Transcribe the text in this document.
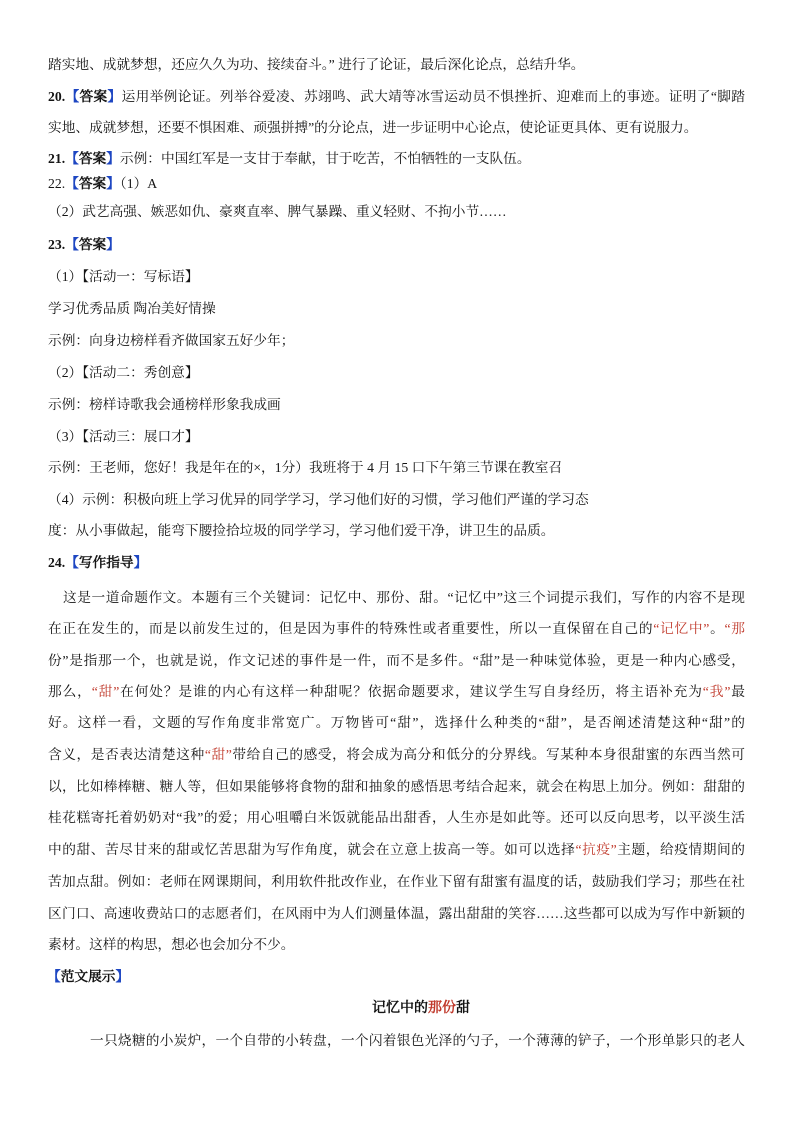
踏实地、成就梦想，还应久久为功、接续奋斗。” 进行了论证，最后深化论点，总结升华。
20.【答案】运用举例论证。列举谷爱凌、苏翊鸣、武大靖等冰雪运动员不惧挫折、迎难而上的事迹。证明了“脚踏
实地、成就梦想，还要不惧困难、顽强拼搏”的分论点，进一步证明中心论点，使论证更具体、更有说服力。
21.【答案】示例：中国红军是一支甘于奉献，甘于吃苦，不怕牺牲的一支队伍。
22.【答案】（1）A
（2）武艺高强、嫉恶如仇、豪爽直率、脾气暴躁、重义轻财、不拘小节……
23.【答案】
（1）【活动一：写标语】
学习优秀品质 陶冶美好情操
示例：向身边榜样看齐做国家五好少年；
（2）【活动二：秀创意】
示例：榜样诗歌我会通榜样形象我成画
（3）【活动三：展口才】
示例：王老师，您好！我是年在的×，1分）我班将于 4 月 15 口下午第三节课在教室召
（4）示例：积极向班上学习优异的同学学习，学习他们好的习惯，学习他们严谨的学习态
度：从小事做起，能弯下腰捡拾垃圾的同学学习，学习他们爱干净，讲卫生的品质。
24.【写作指导】
这是一道命题作文。本题有三个关键词：记忆中、那份、甜。“记忆中”这三个词提示我们，写作的内容不是现
在正在发生的，而是以前发生过的，但是因为事件的特殊性或者重要性，所以一直保留在自己的“记忆中”。“那
份”是指那一个，也就是说，作文记述的事件是一件，而不是多件。“甜”是一种味觉体验，更是一种内心感受，
那么，“甜”在何处？是谁的内心有这样一种甜呢？依据命题要求，建议学生写自身经历，将主语补充为“我”最
好。这样一看，文题的写作角度非常宽广。万物皆可“甜”，选择什么种类的“甜”，是否阐述清楚这种“甜”的
含义，是否表达清楚这种“甜”带给自己的感受，将会成为高分和低分的分界线。写某种本身很甜蜜的东西当然可
以，比如棒棒糖、糖人等，但如果能够将食物的甜和抽象的感悟思考结合起来，就会在构思上加分。例如：甜甜的
桂花糕寄托着奶奶对“我”的爱；用心咀嚼白米饭就能品出甜香，人生亦是如此等。还可以反向思考，以平淡生活
中的甜、苦尽甘来的甜或忆苦思甜为写作角度，就会在立意上拔高一等。如可以选择“抗疫”主题，给疫情期间的
苦加点甜。例如：老师在网课期间，利用软件批改作业，在作业下留有甜蜜有温度的话，鼓励我们学习；那些在社
区门口、高速收费站口的志愿者们，在风雨中为人们测量体温，露出甜甜的笑容……这些都可以成为写作中新颖的
素材。这样的构思，想必也会加分不少。
【范文展示】
记忆中的那份甜
一只烧糖的小炭炉，一个自带的小转盘，一个闪着银色光泽的勺子，一个薄薄的铲子，一个形单影只的老人
